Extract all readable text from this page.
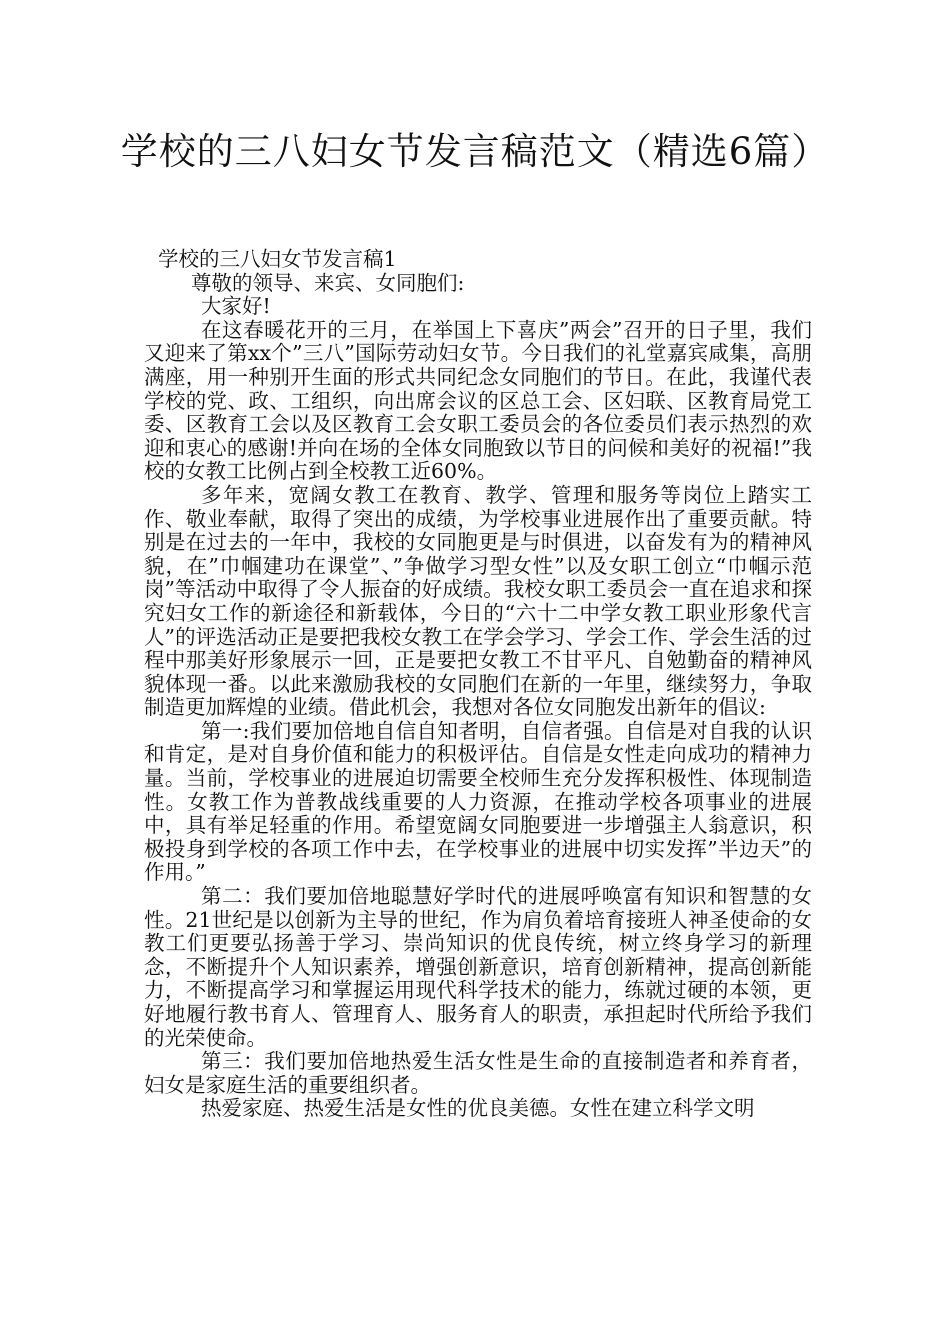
学校的三八妇女节发言稿范文（精选6篇）

学校的三八妇女节发言稿1

尊敬的领导、来宾、女同胞们:

大家好!

在这春暖花开的三月，在举国上下喜庆”两会”召开的日子里，我们又迎来了第xx个”三八”国际劳动妇女节。今日我们的礼堂嘉宾咸集，高朋满座，用一种别开生面的形式共同纪念女同胞们的节日。在此，我谨代表学校的党、政、工组织，向出席会议的区总工会、区妇联、区教育局党工委、区教育工会以及区教育工会女职工委员会的各位委员们表示热烈的欢迎和衷心的感谢!并向在场的全体女同胞致以节日的问候和美好的祝福!”我校的女教工比例占到全校教工近60%。

多年来，宽阔女教工在教育、教学、管理和服务等岗位上踏实工作、敬业奉献，取得了突出的成绩，为学校事业进展作出了重要贡献。特别是在过去的一年中，我校的女同胞更是与时俱进，以奋发有为的精神风貌，在”巾帼建功在课堂”、”争做学习型女性”以及女职工创立“巾帼示范岗”等活动中取得了令人振奋的好成绩。我校女职工委员会一直在追求和探究妇女工作的新途径和新载体，今日的“六十二中学女教工职业形象代言人”的评选活动正是要把我校女教工在学会学习、学会工作、学会生活的过程中那美好形象展示一回，正是要把女教工不甘平凡、自勉勤奋的精神风貌体现一番。以此来激励我校的女同胞们在新的一年里，继续努力，争取制造更加辉煌的业绩。借此机会，我想对各位女同胞发出新年的倡议:

第一:我们要加倍地自信自知者明，自信者强。自信是对自我的认识和肯定，是对自身价值和能力的积极评估。自信是女性走向成功的精神力量。当前，学校事业的进展迫切需要全校师生充分发挥积极性、体现制造性。女教工作为普教战线重要的人力资源，在推动学校各项事业的进展中，具有举足轻重的作用。希望宽阔女同胞要进一步增强主人翁意识，积极投身到学校的各项工作中去，在学校事业的进展中切实发挥”半边天”的作用。”

第二：我们要加倍地聪慧好学时代的进展呼唤富有知识和智慧的女性。21世纪是以创新为主导的世纪，作为肩负着培育接班人神圣使命的女教工们更要弘扬善于学习、崇尚知识的优良传统，树立终身学习的新理念，不断提升个人知识素养，增强创新意识，培育创新精神，提高创新能力，不断提高学习和掌握运用现代科学技术的能力，练就过硬的本领，更好地履行教书育人、管理育人、服务育人的职责，承担起时代所给予我们的光荣使命。

第三：我们要加倍地热爱生活女性是生命的直接制造者和养育者，妇女是家庭生活的重要组织者。

热爱家庭、热爱生活是女性的优良美德。女性在建立科学文明
